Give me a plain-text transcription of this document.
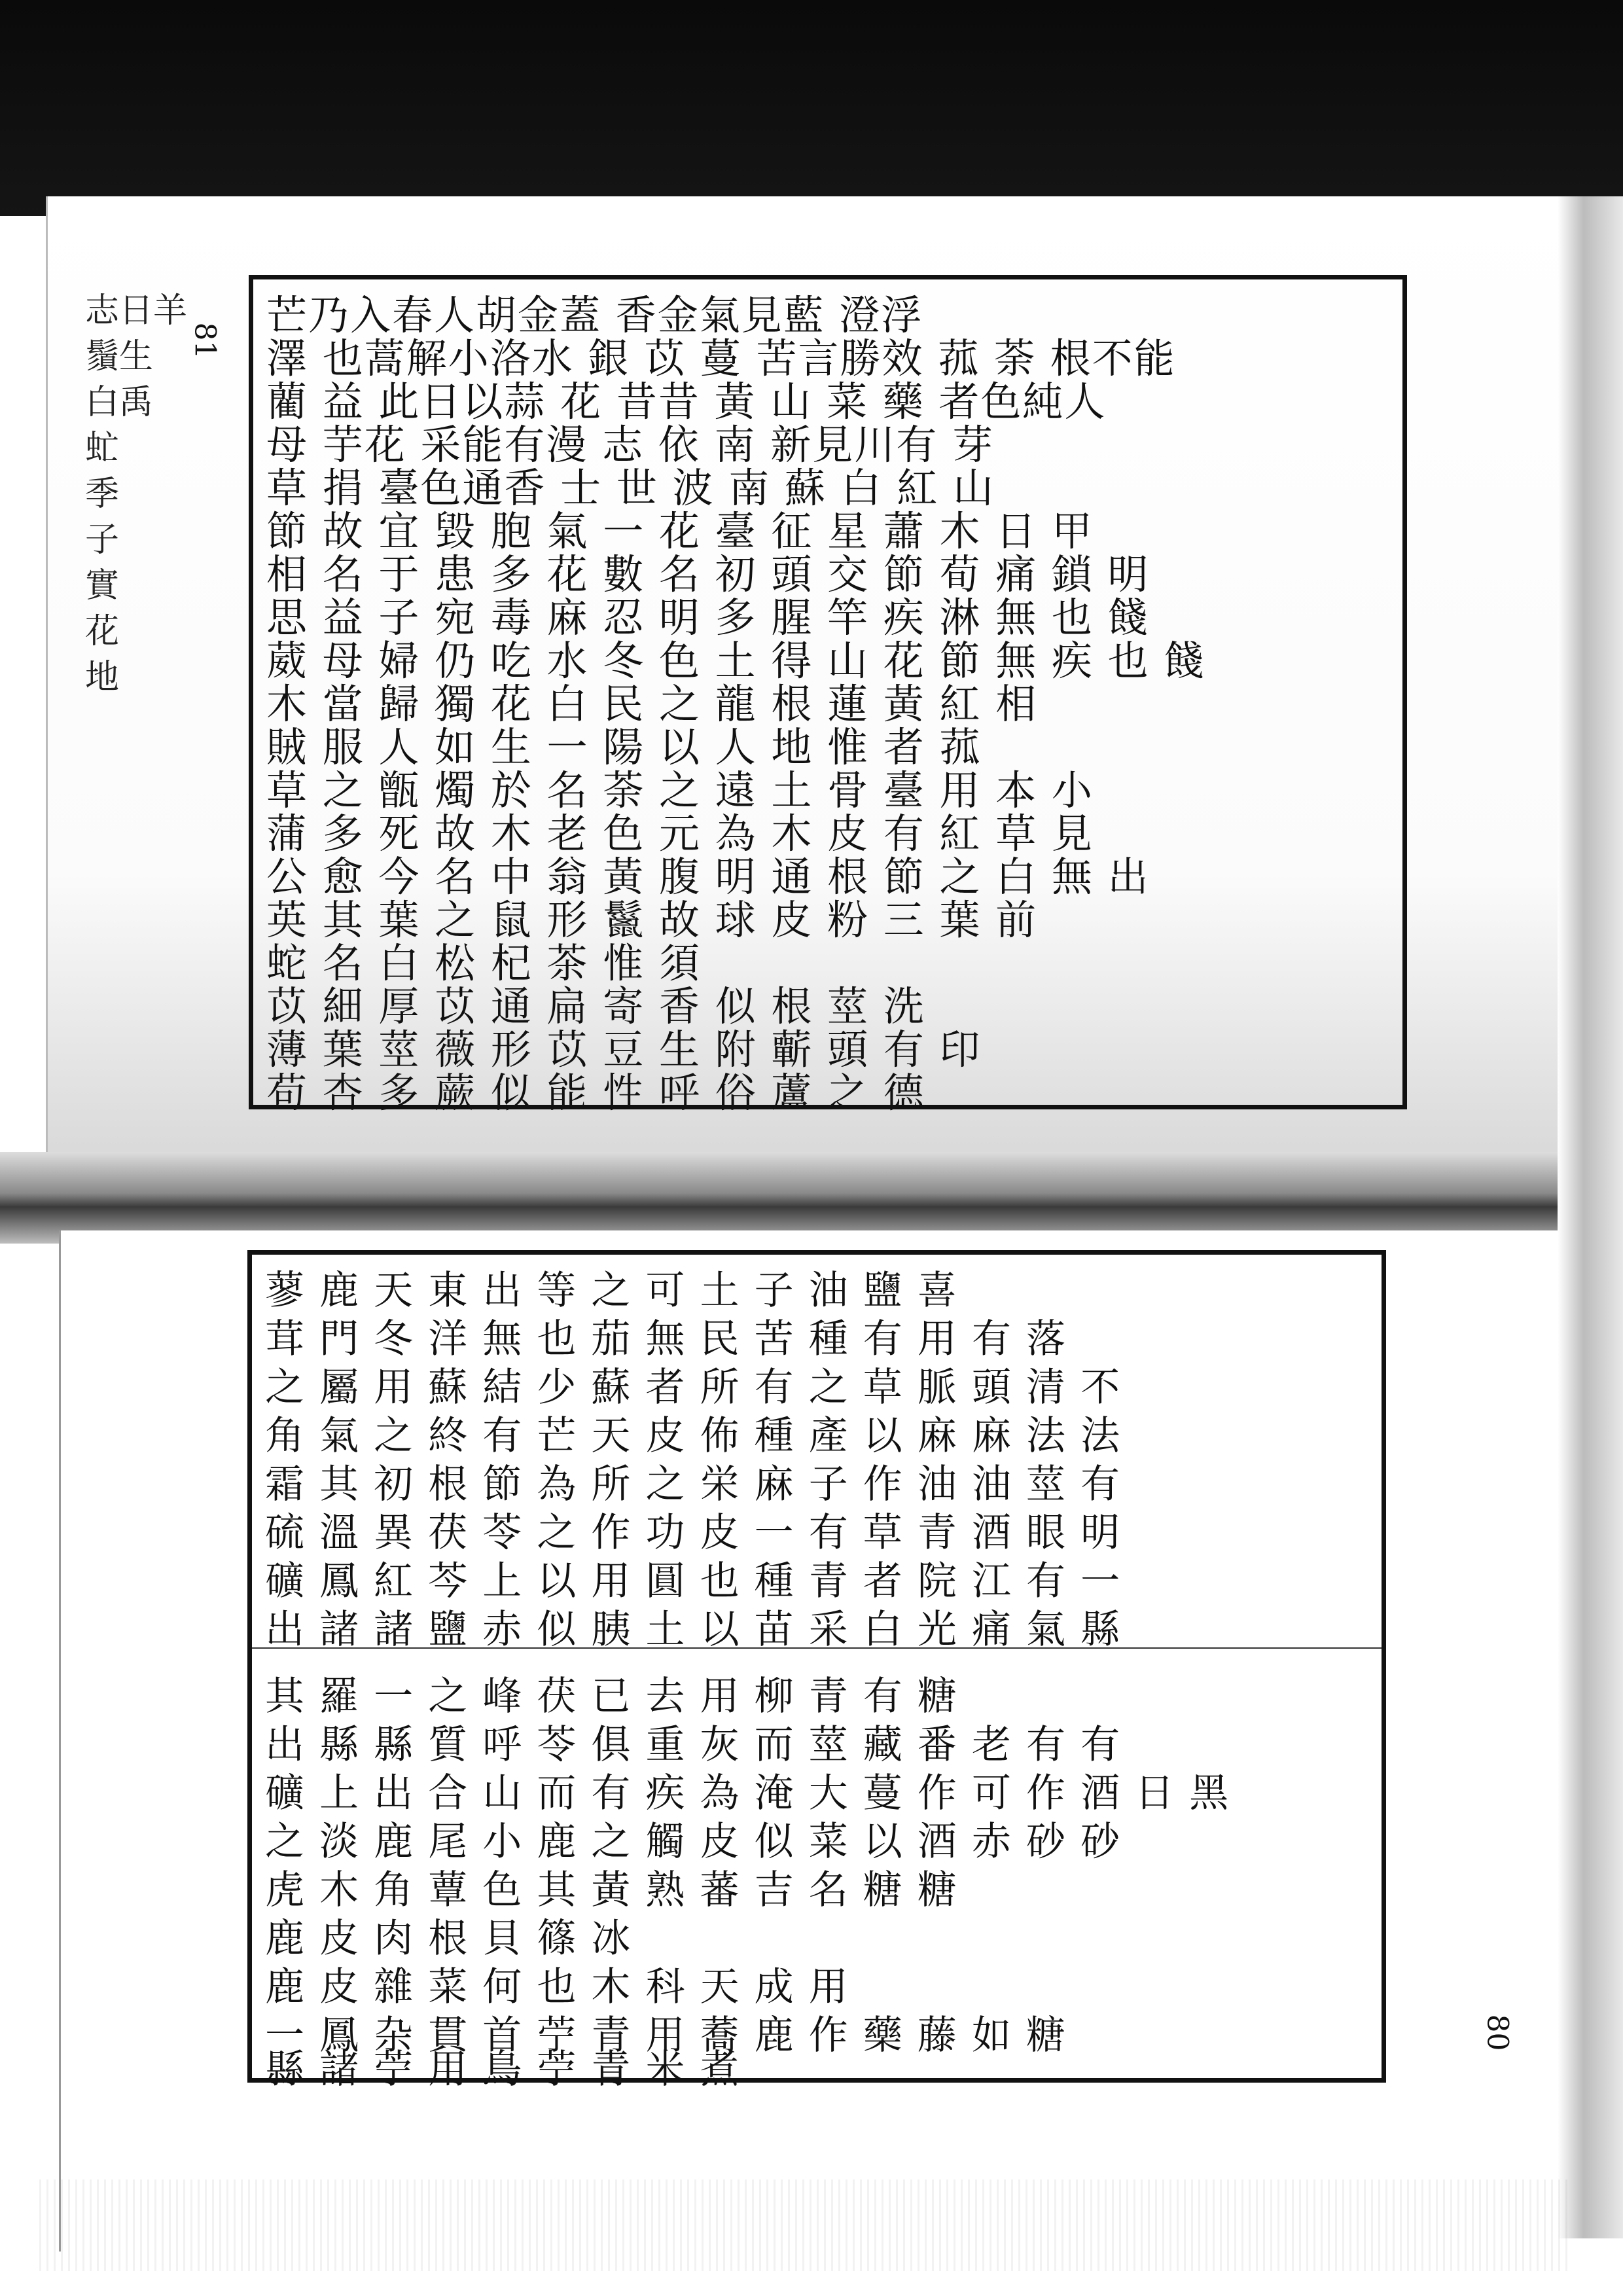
81
80
志日羊
鬚生
白禹
虻
季
子
實
花
地
芒乃入春人胡金蓋 香金氣見藍 澄浮
澤 也蒿解小洛水 銀 苡 蔓 苦言勝效 菰 荼 根不能
藺 益 此日以蒜 花 昔昔 黃 山 菜 藥 者色純人
母 芋花 采能有漫 志 依 南 新見川有 芽
草 捐 臺色通香 士 世 波 南 蘇 白 紅 山
節 故 宜 毀 胞 氣 一 花 臺 征 星 蕭 木 日 甲
相 名 于 患 多 花 數 名 初 頭 交 節 荀 痛 鎖 明
思 益 子 宛 毒 麻 忍 明 多 腥 竿 疾 淋 無 也 餞
葳 母 婦 仍 吃 水 冬 色 土 得 山 花 節 無 疾 也 餞
木 當 歸 獨 花 白 民 之 龍 根 蓮 黃 紅 相
賊 服 人 如 生 一 陽 以 人 地 惟 者 菰
草 之 甑 燭 於 名 荼 之 遠 土 骨 臺 用 本 小
蒲 多 死 故 木 老 色 元 為 木 皮 有 紅 草 見
公 愈 今 名 中 翁 黃 腹 明 通 根 節 之 白 無 出
英 其 葉 之 鼠 形 鬣 故 球 皮 粉 三 葉 前
蛇 名 白 松 杞 茶 惟 須
苡 細 厚 苡 通 扁 寄 香 似 根 莖 洗
薄 葉 莖 薇 形 苡 豆 生 附 蘄 頭 有 印
苟 杏 多 蕨 似 能 性 呼 俗 蘆 之 德
蓼 鹿 天 東 出 等 之 可 土 子 油 鹽 喜
茸 門 冬 洋 無 也 茄 無 民 苦 種 有 用 有 落
之 屬 用 蘇 結 少 蘇 者 所 有 之 草 脈 頭 清 不
角 氣 之 終 有 芒 天 皮 佈 種 產 以 麻 麻 法 法
霜 其 初 根 節 為 所 之 栄 麻 子 作 油 油 莖 有
硫 溫 異 茯 苓 之 作 功 皮 一 有 草 青 酒 眼 明
礦 鳳 紅 芩 上 以 用 圓 也 種 青 者 院 江 有 一
出 諸 諸 鹽 赤 似 胰 土 以 苗 采 白 光 痛 氣 縣
其 羅 一 之 峰 茯 已 去 用 柳 青 有 糖
出 縣 縣 質 呼 苓 俱 重 灰 而 莖 藏 番 老 有 有
礦 上 出 合 山 而 有 疾 為 淹 大 蔓 作 可 作 酒 日 黑
之 淡 鹿 尾 小 鹿 之 觸 皮 似 菜 以 酒 赤 砂 砂
虎 木 角 蕈 色 其 黃 熟 蕃 吉 名 糖 糖
鹿 皮 肉 根 貝 篠 冰
鹿 皮 雜 菜 何 也 木 科 天 成 用
一 鳳 杂 貫 首 苧 青 用 蕎 鹿 作 藥 藤 如 糖
縣 諸 苧 用 鳥 苧 青 米 煮
